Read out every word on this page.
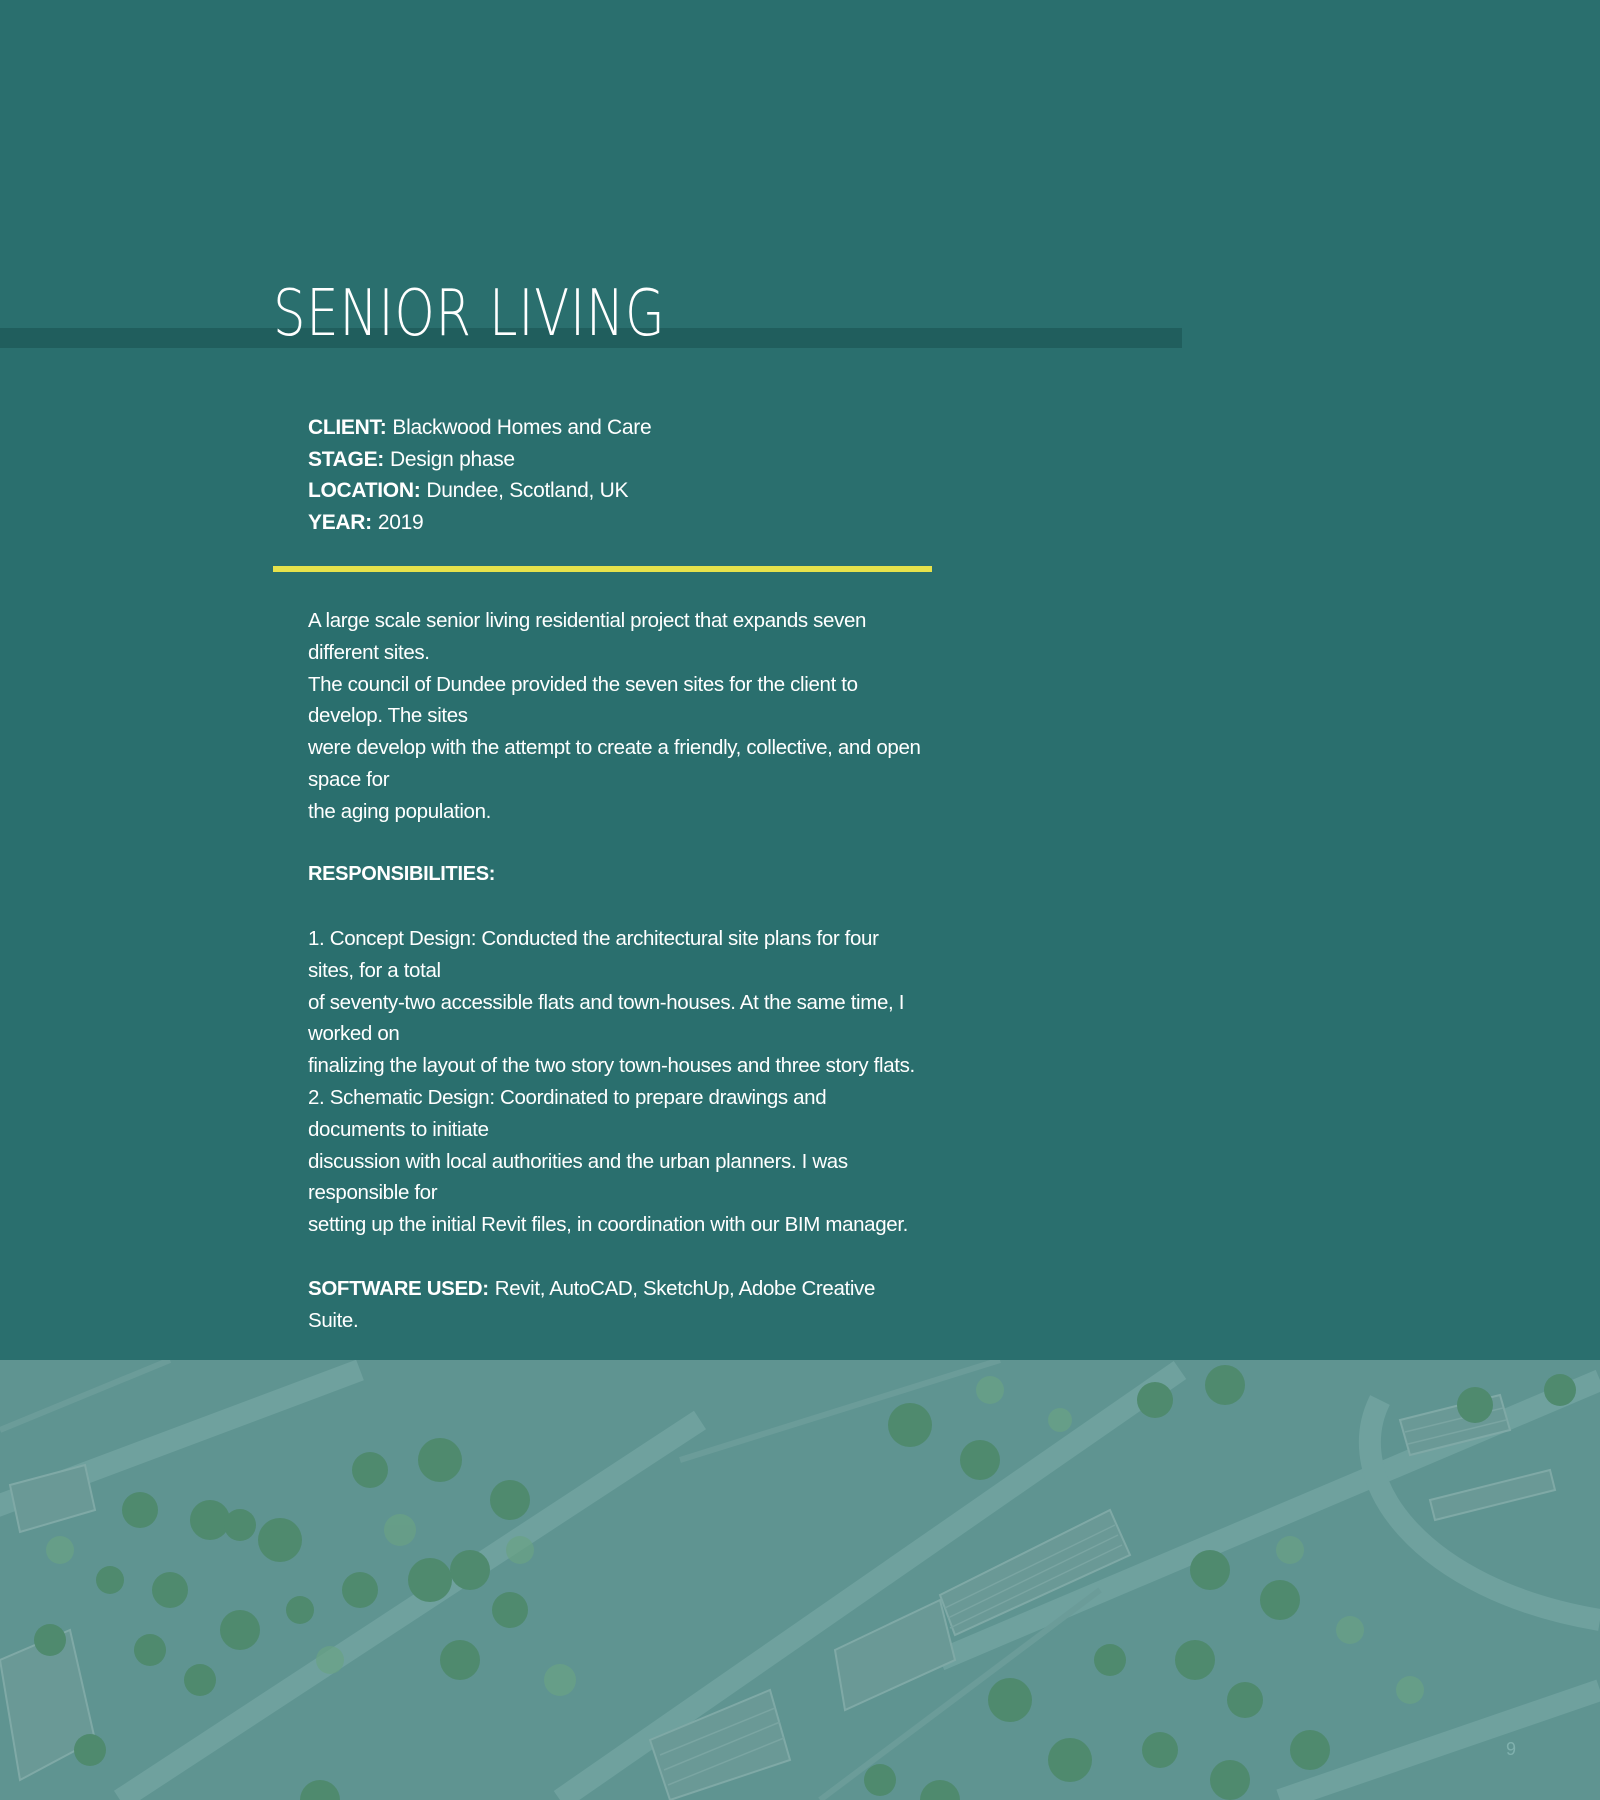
SENIOR LIVING
CLIENT: Blackwood Homes and Care
STAGE: Design phase
LOCATION: Dundee, Scotland, UK
YEAR: 2019
A large scale senior living residential project that expands seven different sites.
The council of Dundee provided the seven sites for the client to develop. The sites
were develop with the attempt to create a friendly, collective, and open space for
the aging population.
RESPONSIBILITIES:
1. Concept Design: Conducted the architectural site plans for four sites, for a total
of seventy-two accessible flats and town-houses. At the same time, I worked on
finalizing the layout of the two story town-houses and three story flats.
2. Schematic Design: Coordinated to prepare drawings and documents to initiate
discussion with local authorities and the urban planners. I was responsible for
setting up the initial Revit files, in coordination with our BIM manager.
SOFTWARE USED: Revit, AutoCAD, SketchUp, Adobe Creative Suite.
9
